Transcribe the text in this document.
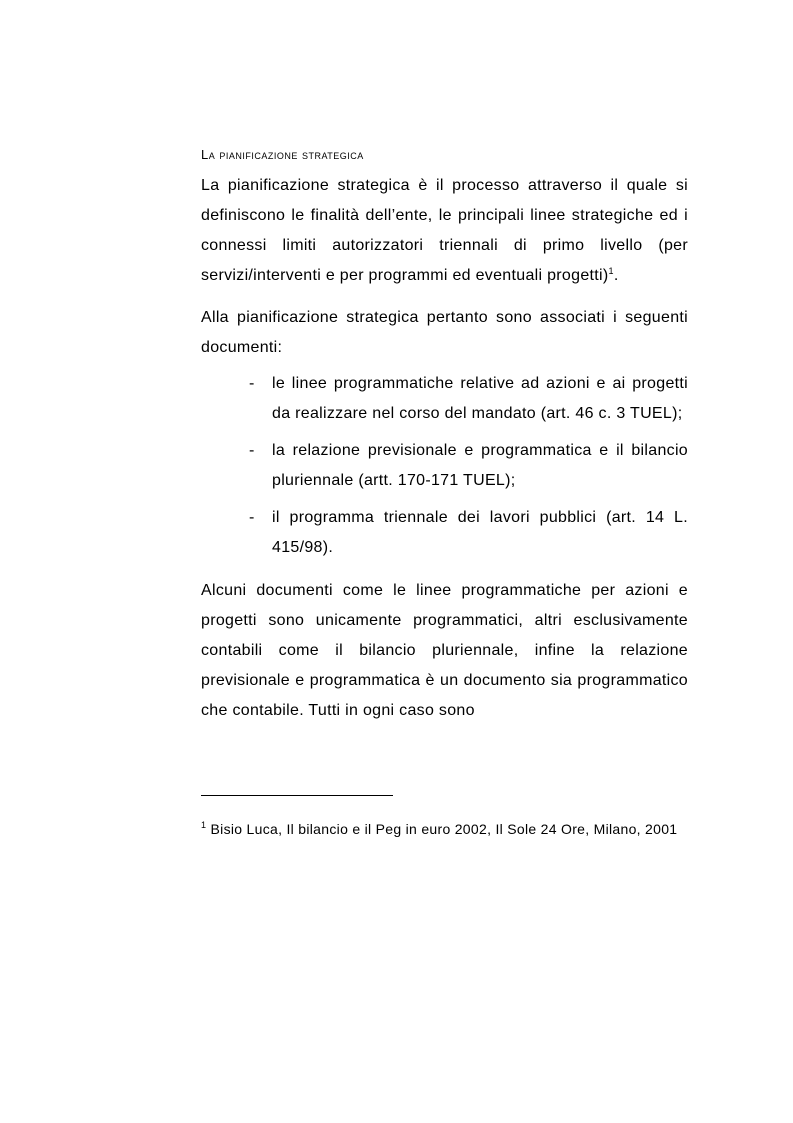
La pianificazione strategica

La pianificazione strategica è il processo attraverso il quale si definiscono le finalità dell’ente, le principali linee strategiche ed i connessi limiti autorizzatori triennali di primo livello (per servizi/interventi e per programmi ed eventuali progetti)$^1$.

Alla pianificazione strategica pertanto sono associati i seguenti documenti:

- le linee programmatiche relative ad azioni e ai progetti da realizzare nel corso del mandato (art. 46 c. 3 TUEL);

- la relazione previsionale e programmatica e il bilancio pluriennale (artt. 170-171 TUEL);

- il programma triennale dei lavori pubblici (art. 14 L. 415/98).

Alcuni documenti come le linee programmatiche per azioni e progetti sono unicamente programmatici, altri esclusivamente contabili come il bilancio pluriennale, infine la relazione previsionale e programmatica è un documento sia programmatico che contabile. Tutti in ogni caso sono

$^1$ Bisio Luca, Il bilancio e il Peg in euro 2002, Il Sole 24 Ore, Milano, 2001
